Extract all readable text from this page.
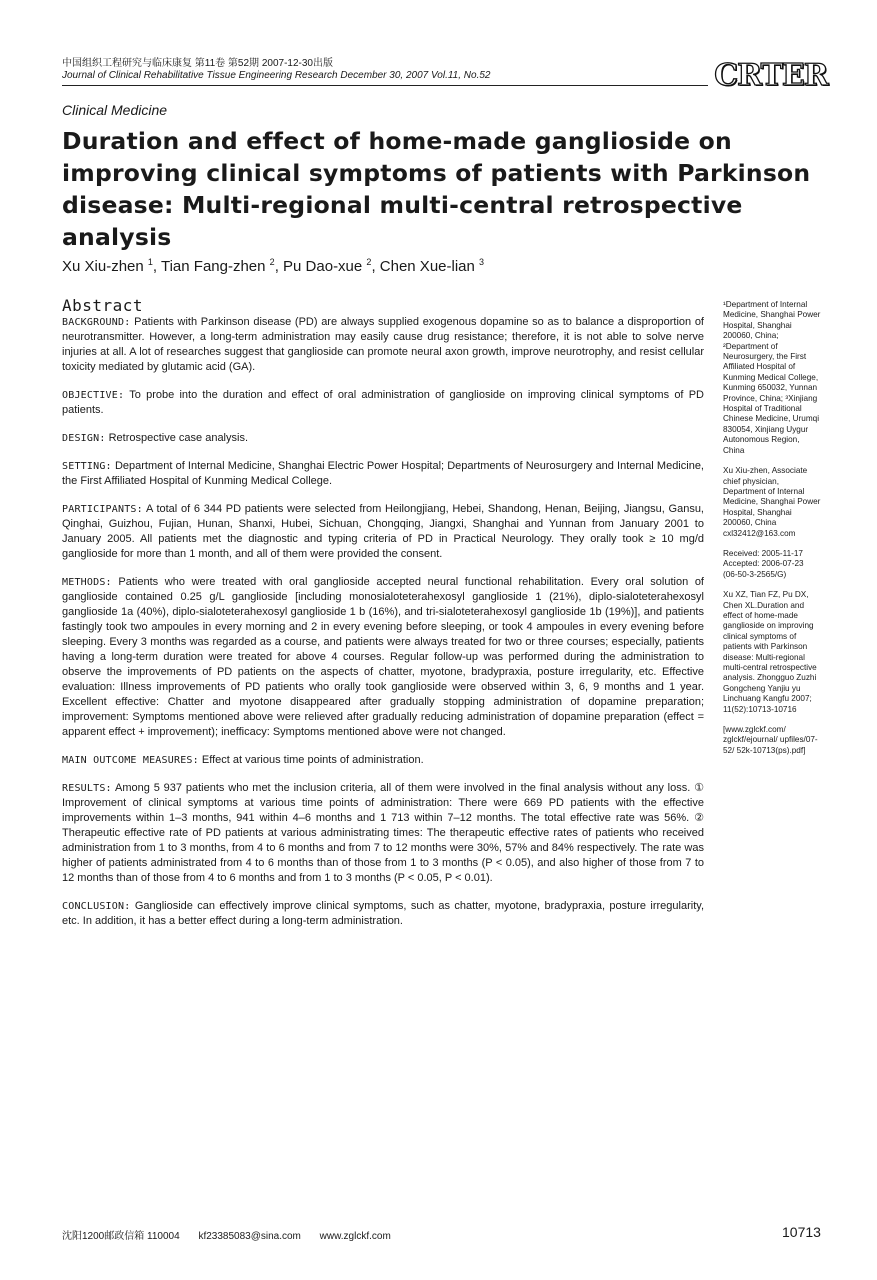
中国组织工程研究与临床康复 第11卷 第52期 2007-12-30出版
Journal of Clinical Rehabilitative Tissue Engineering Research December 30, 2007 Vol.11, No.52	CRTER
Clinical Medicine
Duration and effect of home-made ganglioside on improving clinical symptoms of patients with Parkinson disease: Multi-regional multi-central retrospective analysis
Xu Xiu-zhen $^1$, Tian Fang-zhen $^2$, Pu Dao-xue $^2$, Chen Xue-lian $^3$
Abstract

BACKGROUND: Patients with Parkinson disease (PD) are always supplied exogenous dopamine so as to balance a disproportion of neurotransmitter. However, a long-term administration may easily cause drug resistance; therefore, it is not able to solve nerve injuries at all. A lot of researches suggest that ganglioside can promote neural axon growth, improve neurotrophy, and resist cellular toxicity mediated by glutamic acid (GA).

OBJECTIVE: To probe into the duration and effect of oral administration of ganglioside on improving clinical symptoms of PD patients.

DESIGN: Retrospective case analysis.

SETTING: Department of Internal Medicine, Shanghai Electric Power Hospital; Departments of Neurosurgery and Internal Medicine, the First Affiliated Hospital of Kunming Medical College.

PARTICIPANTS: A total of 6 344 PD patients were selected from Heilongjiang, Hebei, Shandong, Henan, Beijing, Jiangsu, Gansu, Qinghai, Guizhou, Fujian, Hunan, Shanxi, Hubei, Sichuan, Chongqing, Jiangxi, Shanghai and Yunnan from January 2001 to January 2005. All patients met the diagnostic and typing criteria of PD in Practical Neurology. They orally took ≥ 10 mg/d ganglioside for more than 1 month, and all of them were provided the consent.

METHODS: Patients who were treated with oral ganglioside accepted neural functional rehabilitation. Every oral solution of ganglioside contained 0.25 g/L ganglioside [including monosialoteterahexosyl ganglioside 1 (21%), diplo-sialoteterahexosyl ganglioside 1a (40%), diplo-sialoteterahexosyl ganglioside 1 b (16%), and tri-sialoteterahexosyl ganglioside 1b (19%)], and patients fastingly took two ampoules in every morning and 2 in every evening before sleeping, or took 4 ampoules in every evening before sleeping. Every 3 months was regarded as a course, and patients were always treated for two or three courses; especially, patients having a long-term duration were treated for above 4 courses. Regular follow-up was performed during the administration to observe the improvements of PD patients on the aspects of chatter, myotone, bradypraxia, posture irregularity, etc. Effective evaluation: Illness improvements of PD patients who orally took ganglioside were observed within 3, 6, 9 months and 1 year. Excellent effective: Chatter and myotone disappeared after gradually stopping administration of dopamine preparation; improvement: Symptoms mentioned above were relieved after gradually reducing administration of dopamine preparation (effect = apparent effect + improvement); inefficacy: Symptoms mentioned above were not changed.

MAIN OUTCOME MEASURES: Effect at various time points of administration.

RESULTS: Among 5 937 patients who met the inclusion criteria, all of them were involved in the final analysis without any loss. ① Improvement of clinical symptoms at various time points of administration: There were 669 PD patients with the effective improvements within 1–3 months, 941 within 4–6 months and 1 713 within 7–12 months. The total effective rate was 56%. ② Therapeutic effective rate of PD patients at various administrating times: The therapeutic effective rates of patients who received administration from 1 to 3 months, from 4 to 6 months and from 7 to 12 months were 30%, 57% and 84% respectively. The rate was higher of patients administrated from 4 to 6 months than of those from 1 to 3 months (P < 0.05), and also higher of those from 7 to 12 months than of those from 4 to 6 months and from 1 to 3 months (P < 0.05, P < 0.01).

CONCLUSION: Ganglioside can effectively improve clinical symptoms, such as chatter, myotone, bradypraxia, posture irregularity, etc. In addition, it has a better effect during a long-term administration.

¹Department of Internal Medicine, Shanghai Power Hospital, Shanghai 200060, China; ²Department of Neurosurgery, the First Affiliated Hospital of Kunming Medical College, Kunming 650032, Yunnan Province, China; ³Xinjiang Hospital of Traditional Chinese Medicine, Urumqi 830054, Xinjiang Uygur Autonomous Region, China

Xu Xiu-zhen, Associate chief physician, Department of Internal Medicine, Shanghai Power Hospital, Shanghai 200060, China cxl32412@163.com

Received: 2005-11-17
Accepted: 2006-07-23
(06-50-3-2565/G)

Xu XZ, Tian FZ, Pu DX, Chen XL.Duration and effect of home-made ganglioside on improving clinical symptoms of patients with Parkinson disease: Multi-regional multi-central retrospective analysis. Zhongguo Zuzhi Gongcheng Yanjiu yu Linchuang Kangfu 2007; 11(52):10713-10716

[www.zglckf.com/ zglckf/ejournal/ upfiles/07-52/ 52k-10713(ps).pdf]

沈阳1200邮政信箱 110004 kf23385083@sina.com www.zglckf.com	10713
